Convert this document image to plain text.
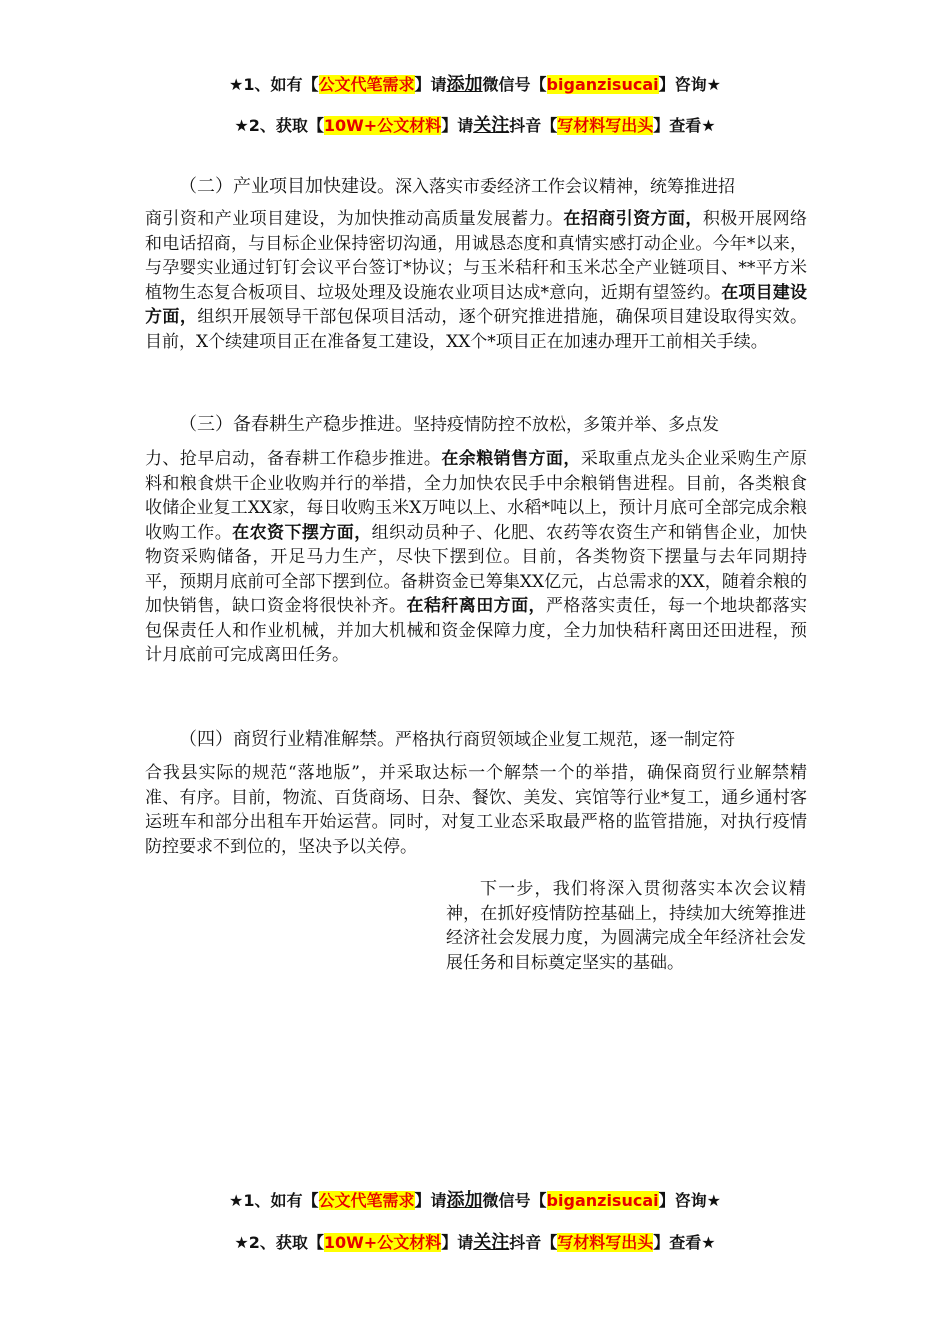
★1、如有【公文代笔需求】请添加微信号【biganzisucai】咨询★
★2、获取【10W+公文材料】请关注抖音【写材料写出头】查看★
（二）产业项目加快建设。深入落实市委经济工作会议精神，统筹推进招

商引资和产业项目建设，为加快推动高质量发展蓄力。在招商引资方面，积极开展网络和电话招商，与目标企业保持密切沟通，用诚恳态度和真情实感打动企业。今年*以来，与孕婴实业通过钉钉会议平台签订*协议；与玉米秸秆和玉米芯全产业链项目、**平方米植物生态复合板项目、垃圾处理及设施农业项目达成*意向，近期有望签约。在项目建设方面，组织开展领导干部包保项目活动，逐个研究推进措施，确保项目建设取得实效。目前，X个续建项目正在准备复工建设，XX个*项目正在加速办理开工前相关手续。

（三）备春耕生产稳步推进。坚持疫情防控不放松，多策并举、多点发

力、抢早启动，备春耕工作稳步推进。在余粮销售方面，采取重点龙头企业采购生产原料和粮食烘干企业收购并行的举措，全力加快农民手中余粮销售进程。目前，各类粮食收储企业复工XX家，每日收购玉米X万吨以上、水稻*吨以上，预计月底可全部完成余粮收购工作。在农资下摆方面，组织动员种子、化肥、农药等农资生产和销售企业，加快物资采购储备，开足马力生产，尽快下摆到位。目前，各类物资下摆量与去年同期持平，预期月底前可全部下摆到位。备耕资金已筹集XX亿元，占总需求的XX，随着余粮的加快销售，缺口资金将很快补齐。在秸秆离田方面，严格落实责任，每一个地块都落实包保责任人和作业机械，并加大机械和资金保障力度，全力加快秸秆离田还田进程，预计月底前可完成离田任务。

（四）商贸行业精准解禁。严格执行商贸领域企业复工规范，逐一制定符

合我县实际的规范“落地版”，并采取达标一个解禁一个的举措，确保商贸行业解禁精准、有序。目前，物流、百货商场、日杂、餐饮、美发、宾馆等行业*复工，通乡通村客运班车和部分出租车开始运营。同时，对复工业态采取最严格的监管措施，对执行疫情防控要求不到位的，坚决予以关停。

下一步，我们将深入贯彻落实本次会议精神，在抓好疫情防控基础上，持续加大统筹推进经济社会发展力度，为圆满完成全年经济社会发展任务和目标奠定坚实的基础。

★1、如有【公文代笔需求】请添加微信号【biganzisucai】咨询★
★2、获取【10W+公文材料】请关注抖音【写材料写出头】查看★
